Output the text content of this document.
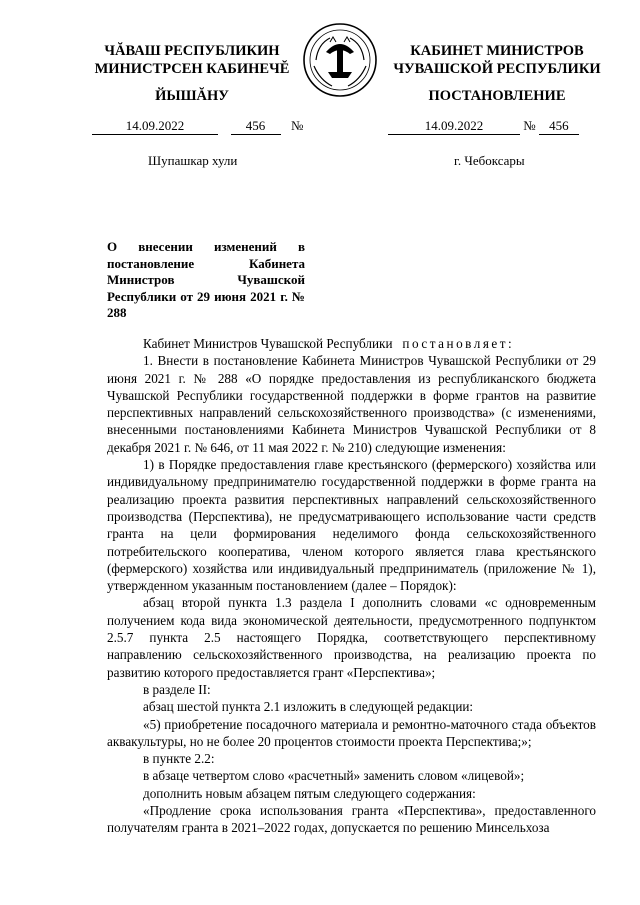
ЧĂВАШ РЕСПУБЛИКИН
МИНИСТРСЕН КАБИНЕЧĔ
КАБИНЕТ МИНИСТРОВ
ЧУВАШСКОЙ РЕСПУБЛИКИ
ЙЫШĂНУ	ПОСТАНОВЛЕНИЕ
14.09.2022	456 №	14.09.2022	№ 456
Шупашкар хули	г. Чебоксары
О внесении изменений в постановление Кабинета Министров Чувашской Республики от 29 июня 2021 г. № 288

Кабинет Министров Чувашской Республики постановляет:

1. Внести в постановление Кабинета Министров Чувашской Республики от 29 июня 2021 г. № 288 «О порядке предоставления из республиканского бюджета Чувашской Республики государственной поддержки в форме грантов на развитие перспективных направлений сельскохозяйственного производства» (с изменениями, внесенными постановлениями Кабинета Министров Чувашской Республики от 8 декабря 2021 г. № 646, от 11 мая 2022 г. № 210) следующие изменения:

1) в Порядке предоставления главе крестьянского (фермерского) хозяйства или индивидуальному предпринимателю государственной поддержки в форме гранта на реализацию проекта развития перспективных направлений сельскохозяйственного производства (Перспектива), не предусматривающего использование части средств гранта на цели формирования неделимого фонда сельскохозяйственного потребительского кооператива, членом которого является глава крестьянского (фермерского) хозяйства или индивидуальный предприниматель (приложение № 1), утвержденном указанным постановлением (далее – Порядок):

абзац второй пункта 1.3 раздела I дополнить словами «с одновременным получением кода вида экономической деятельности, предусмотренного подпунктом 2.5.7 пункта 2.5 настоящего Порядка, соответствующего перспективному направлению сельскохозяйственного производства, на реализацию проекта по развитию которого предоставляется грант «Перспектива»;

в разделе II:

абзац шестой пункта 2.1 изложить в следующей редакции:

«5) приобретение посадочного материала и ремонтно-маточного стада объектов аквакультуры, но не более 20 процентов стоимости проекта Перспектива;»;

в пункте 2.2:

в абзаце четвертом слово «расчетный» заменить словом «лицевой»;

дополнить новым абзацем пятым следующего содержания:

«Продление срока использования гранта «Перспектива», предоставленного получателям гранта в 2021–2022 годах, допускается по решению Минсельхоза
